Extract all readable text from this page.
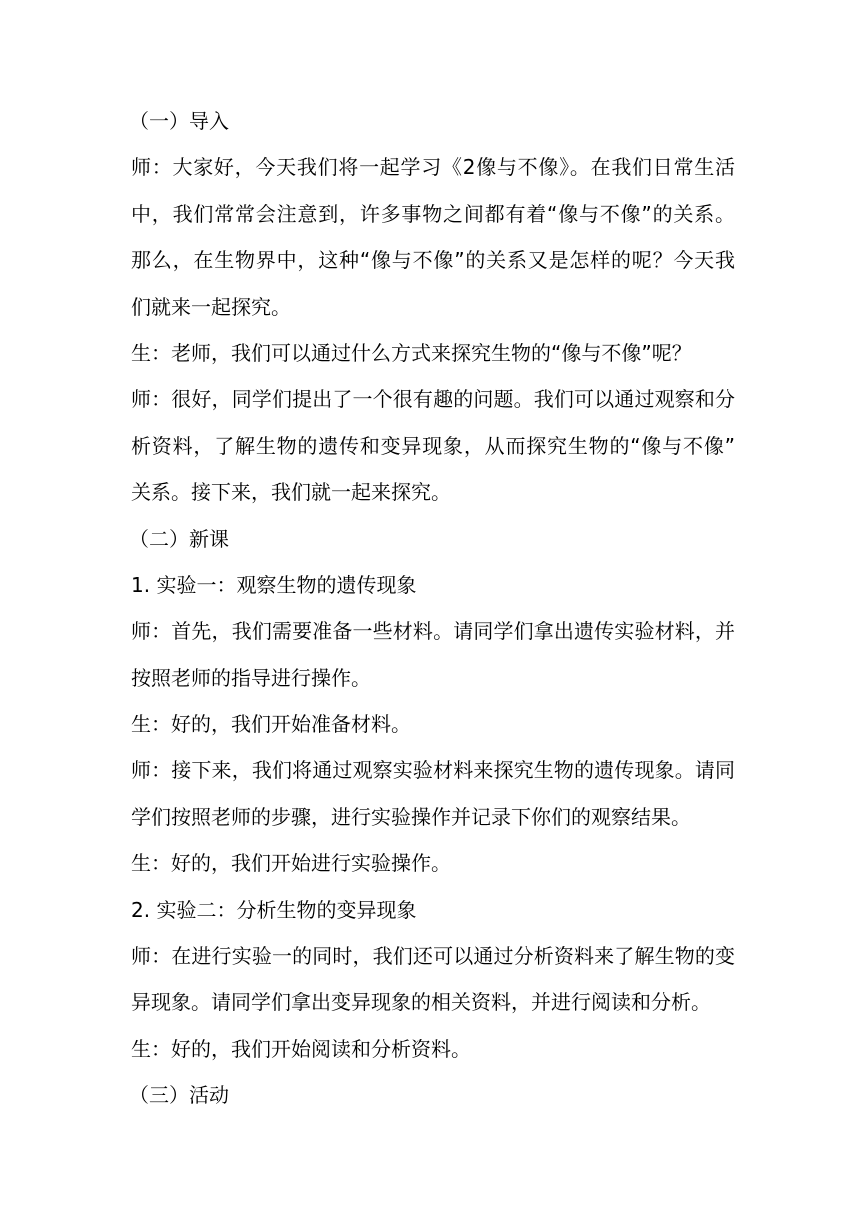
（一）导入
师：大家好，今天我们将一起学习《2像与不像》。在我们日常生活
中，我们常常会注意到，许多事物之间都有着“像与不像”的关系。
那么，在生物界中，这种“像与不像”的关系又是怎样的呢？今天我
们就来一起探究。
生：老师，我们可以通过什么方式来探究生物的“像与不像”呢？
师：很好，同学们提出了一个很有趣的问题。我们可以通过观察和分
析资料，了解生物的遗传和变异现象，从而探究生物的“像与不像”
关系。接下来，我们就一起来探究。
（二）新课
1. 实验一：观察生物的遗传现象
师：首先，我们需要准备一些材料。请同学们拿出遗传实验材料，并
按照老师的指导进行操作。
生：好的，我们开始准备材料。
师：接下来，我们将通过观察实验材料来探究生物的遗传现象。请同
学们按照老师的步骤，进行实验操作并记录下你们的观察结果。
生：好的，我们开始进行实验操作。
2. 实验二：分析生物的变异现象
师：在进行实验一的同时，我们还可以通过分析资料来了解生物的变
异现象。请同学们拿出变异现象的相关资料，并进行阅读和分析。
生：好的，我们开始阅读和分析资料。
（三）活动
